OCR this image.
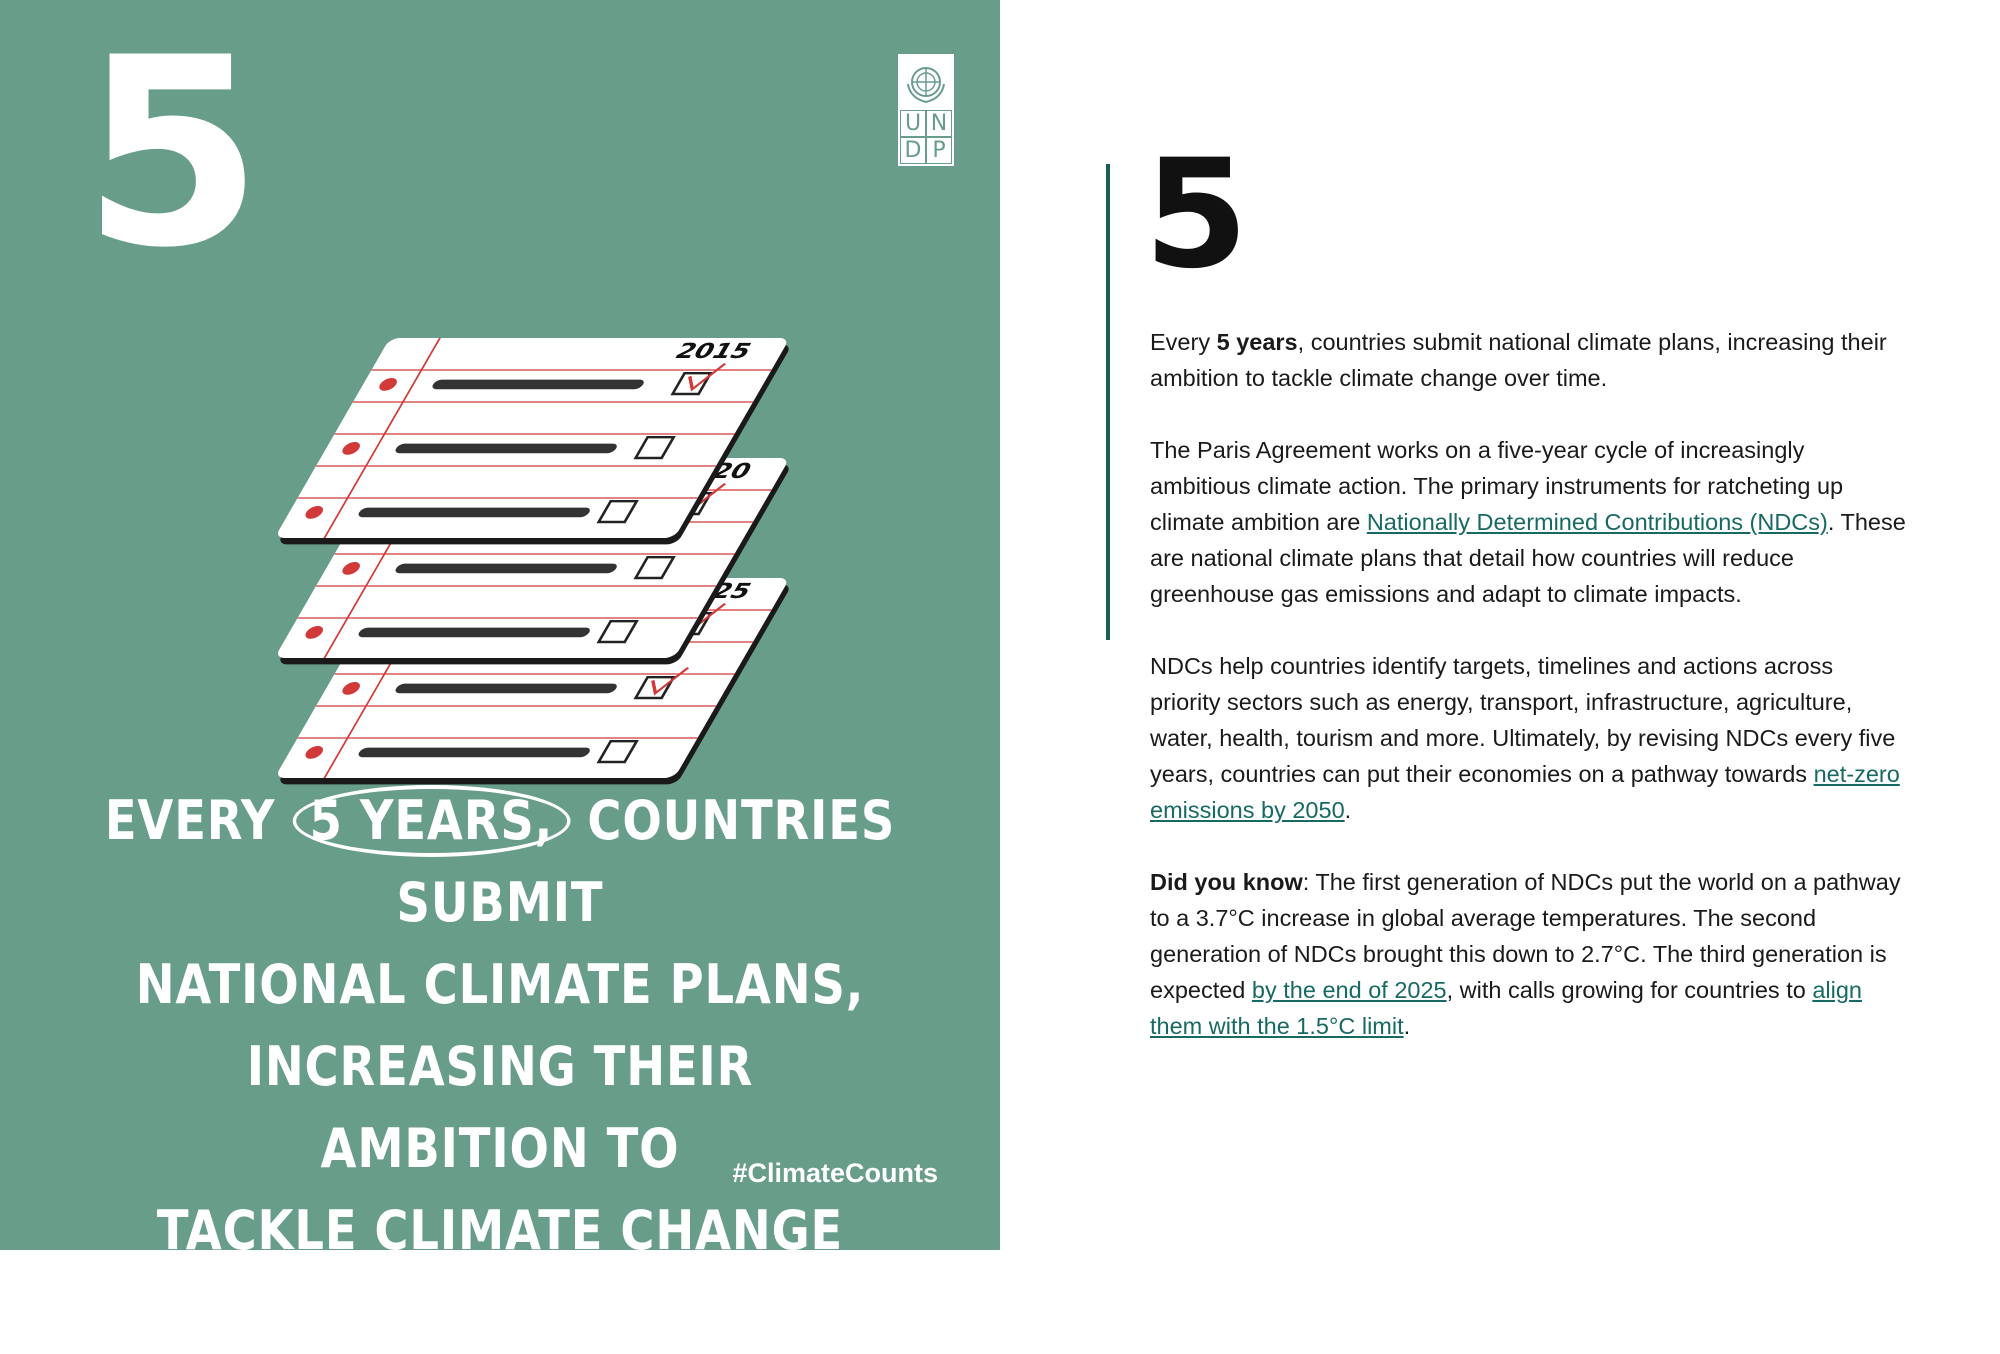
5	U N
D P
2015
EVERY 5 YEARS, COUNTRIES SUBMIT
NATIONAL CLIMATE PLANS,
INCREASING THEIR AMBITION TO
TACKLE CLIMATE CHANGE OVER TIME.
#ClimateCounts
5

Every 5 years, countries submit national climate plans, increasing their ambition to tackle climate change over time.

The Paris Agreement works on a five-year cycle of increasingly ambitious climate action. The primary instruments for ratcheting up climate ambition are Nationally Determined Contributions (NDCs). These are national climate plans that detail how countries will reduce greenhouse gas emissions and adapt to climate impacts.

NDCs help countries identify targets, timelines and actions across priority sectors such as energy, transport, infrastructure, agriculture, water, health, tourism and more. Ultimately, by revising NDCs every five years, countries can put their economies on a pathway towards net-zero emissions by 2050.

Did you know: The first generation of NDCs put the world on a pathway to a 3.7°C increase in global average temperatures. The second generation of NDCs brought this down to 2.7°C. The third generation is expected by the end of 2025, with calls growing for countries to align them with the 1.5°C limit.
